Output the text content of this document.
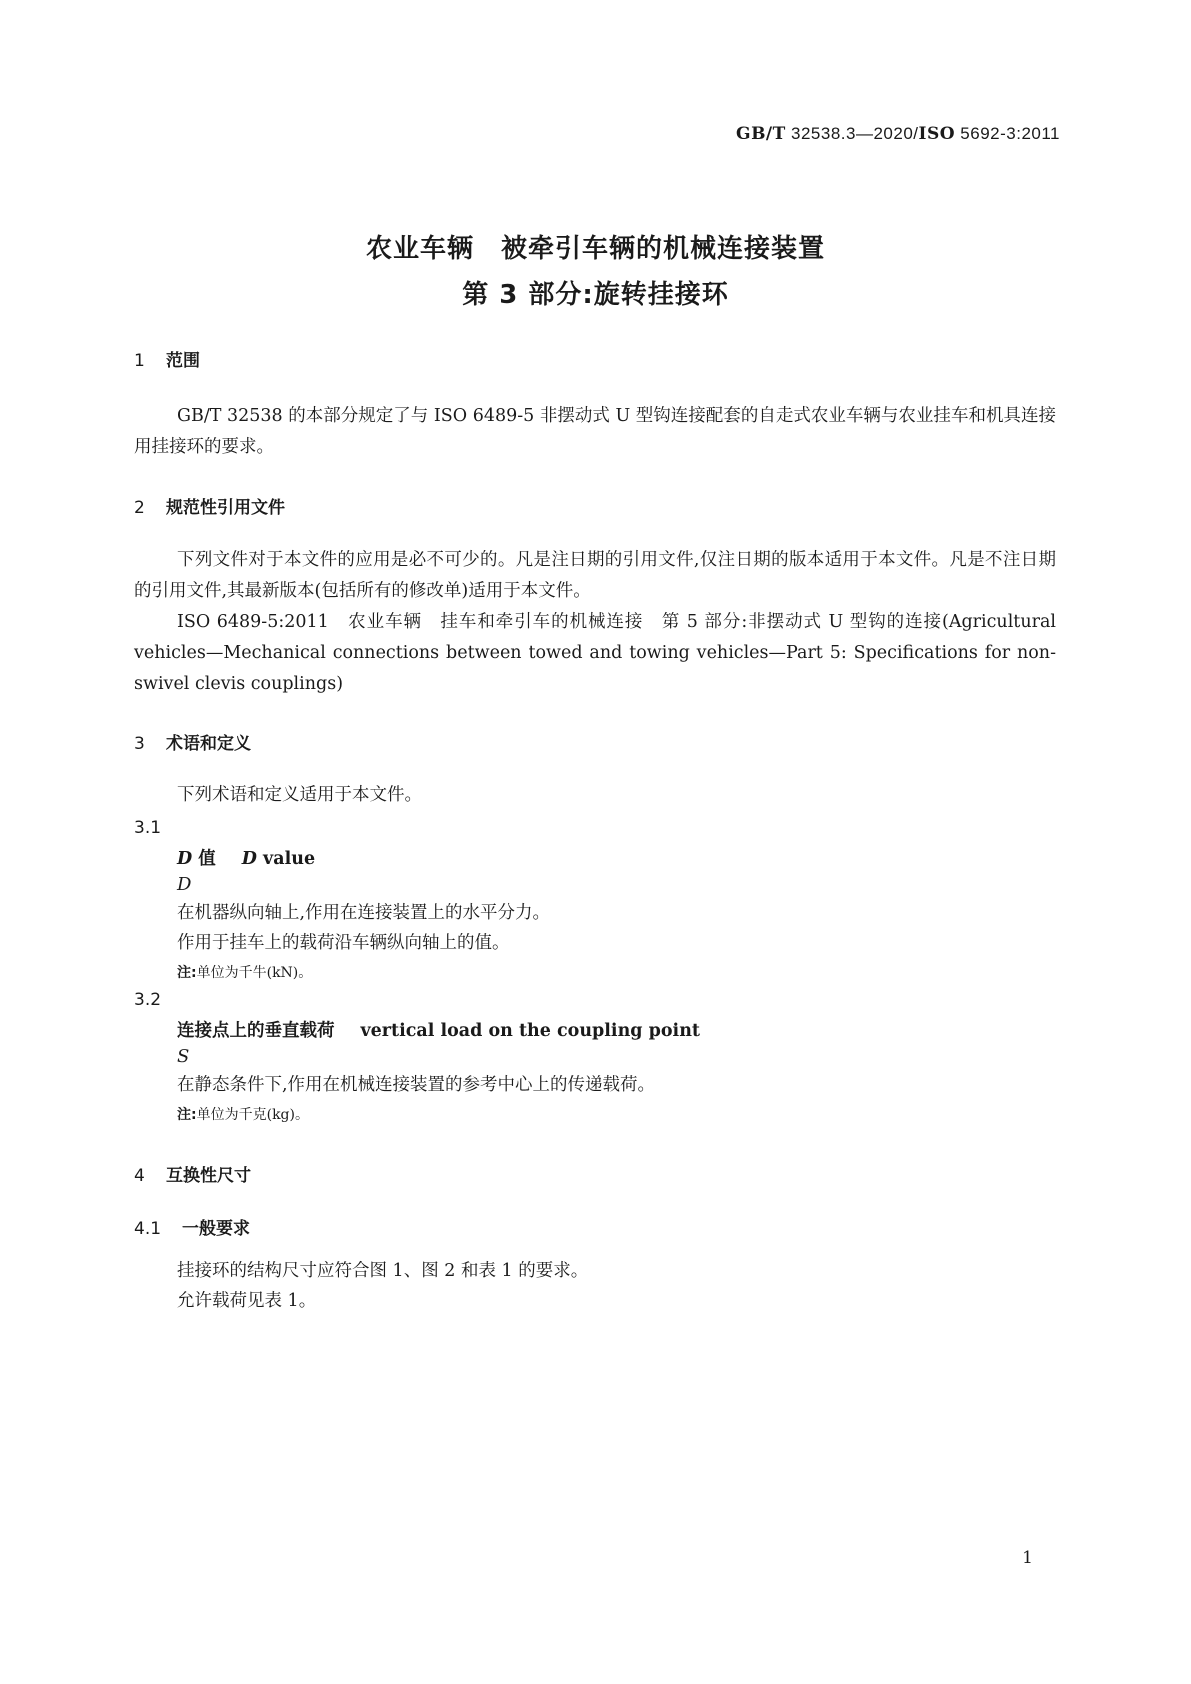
GB/T 32538.3—2020/ISO 5692-3:2011
农业车辆　被牵引车辆的机械连接装置
第 3 部分:旋转挂接环
1 范围
GB/T 32538 的本部分规定了与 ISO 6489-5 非摆动式 U 型钩连接配套的自走式农业车辆与农业挂车和机具连接用挂接环的要求。
2 规范性引用文件
下列文件对于本文件的应用是必不可少的。凡是注日期的引用文件,仅注日期的版本适用于本文件。凡是不注日期的引用文件,其最新版本(包括所有的修改单)适用于本文件。
ISO 6489-5:2011　农业车辆　挂车和牵引车的机械连接　第 5 部分:非摆动式 U 型钩的连接(Agricultural vehicles—Mechanical connections between towed and towing vehicles—Part 5: Specifications for non-swivel clevis couplings)
3 术语和定义
下列术语和定义适用于本文件。
3.1
D 值 D value
D
在机器纵向轴上,作用在连接装置上的水平分力。
作用于挂车上的载荷沿车辆纵向轴上的值。
注:单位为千牛(kN)。
3.2
连接点上的垂直载荷 vertical load on the coupling point
S
在静态条件下,作用在机械连接装置的参考中心上的传递载荷。
注:单位为千克(kg)。
4 互换性尺寸
4.1 一般要求
挂接环的结构尺寸应符合图 1、图 2 和表 1 的要求。
允许载荷见表 1。
1
